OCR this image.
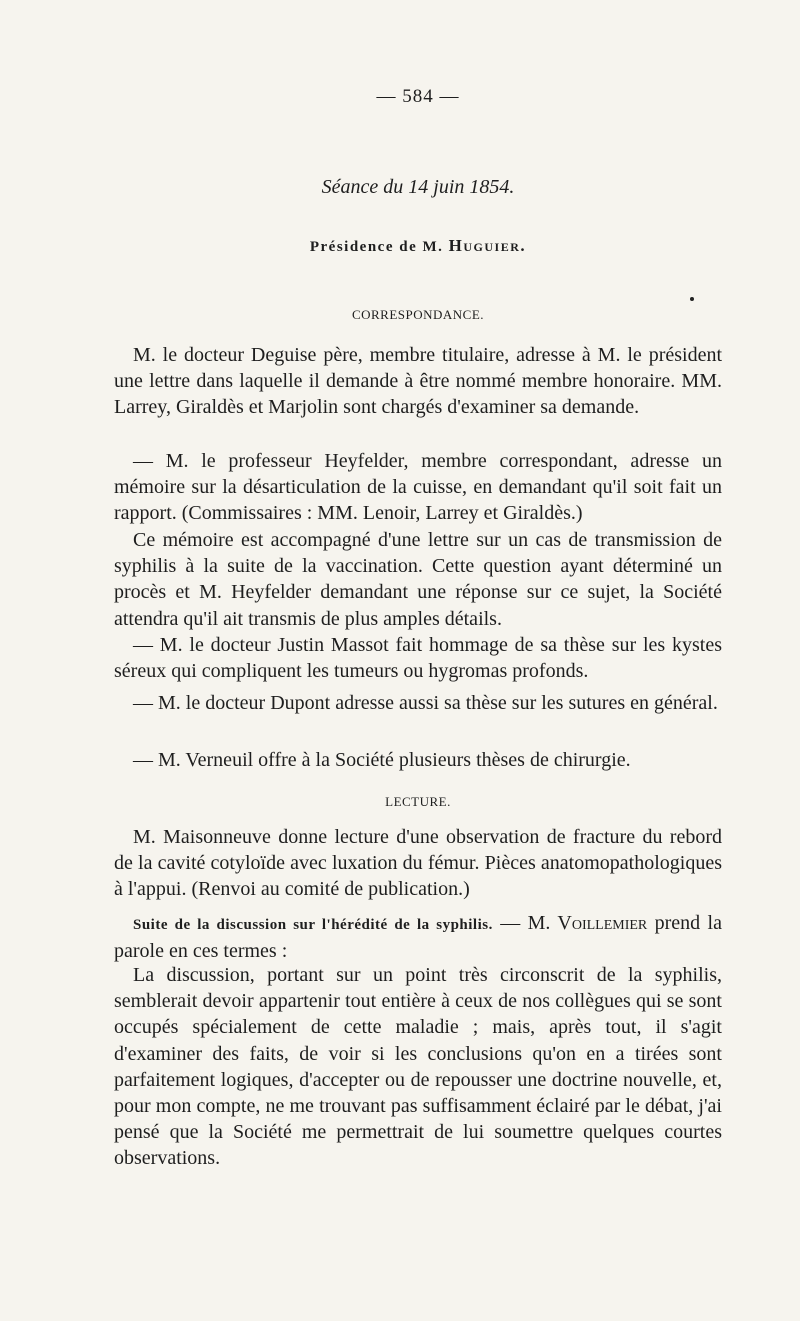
— 584 —
Séance du 14 juin 1854.
Présidence de M. Huguier.
CORRESPONDANCE.

M. le docteur Deguise père, membre titulaire, adresse à M. le président une lettre dans laquelle il demande à être nommé membre honoraire. MM. Larrey, Giraldès et Marjolin sont chargés d'examiner sa demande.

— M. le professeur Heyfelder, membre correspondant, adresse un mémoire sur la désarticulation de la cuisse, en demandant qu'il soit fait un rapport. (Commissaires : MM. Lenoir, Larrey et Giraldès.)

Ce mémoire est accompagné d'une lettre sur un cas de transmission de syphilis à la suite de la vaccination. Cette question ayant déterminé un procès et M. Heyfelder demandant une réponse sur ce sujet, la Société attendra qu'il ait transmis de plus amples détails.

— M. le docteur Justin Massot fait hommage de sa thèse sur les kystes séreux qui compliquent les tumeurs ou hygromas profonds.

— M. le docteur Dupont adresse aussi sa thèse sur les sutures en général.

— M. Verneuil offre à la Société plusieurs thèses de chirurgie.

LECTURE.

M. Maisonneuve donne lecture d'une observation de fracture du rebord de la cavité cotyloïde avec luxation du fémur. Pièces anatomopathologiques à l'appui. (Renvoi au comité de publication.)

Suite de la discussion sur l'hérédité de la syphilis. — M. Voillemier prend la parole en ces termes :

La discussion, portant sur un point très circonscrit de la syphilis, semblerait devoir appartenir tout entière à ceux de nos collègues qui se sont occupés spécialement de cette maladie ; mais, après tout, il s'agit d'examiner des faits, de voir si les conclusions qu'on en a tirées sont parfaitement logiques, d'accepter ou de repousser une doctrine nouvelle, et, pour mon compte, ne me trouvant pas suffisamment éclairé par le débat, j'ai pensé que la Société me permettrait de lui soumettre quelques courtes observations.
